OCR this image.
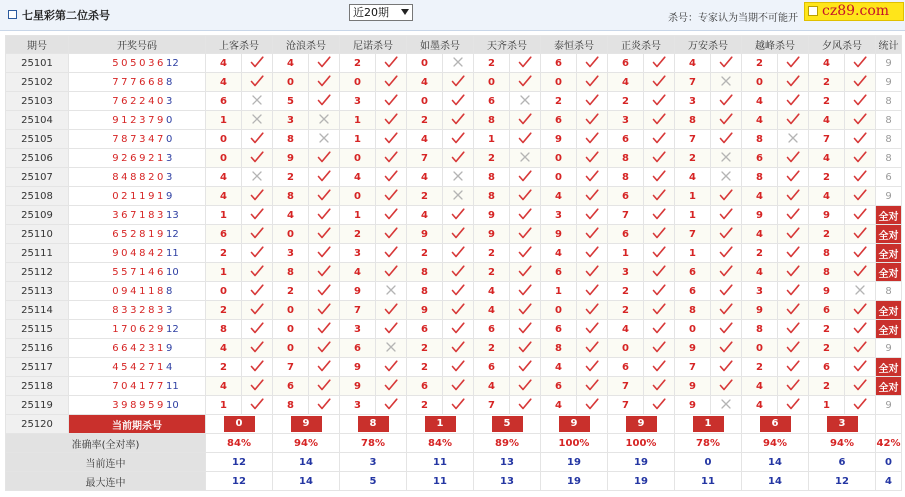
七星彩第二位杀号	近20期	杀号：专家认为当期不可能开	cz89.com
期号	开奖号码	上客杀号		沧浪杀号		尼诺杀号		如墨杀号		天齐杀号		泰恒杀号		正炎杀号		万安杀号		越峰杀号		夕风杀号		统计
25101	50503612	4		4		2		0		2		6		6		4		2		4		9
25102	7776688	4		0		0		4		0		0		4		7		0		2		9
25103	7622403	6		5		3		0		6		2		2		3		4		2		8
25104	9123790	1		3		1		2		8		6		3		8		4		4		8
25105	7873470	0		8		1		4		1		9		6		7		8		7		8
25106	9269213	0		9		0		7		2		0		8		2		6		4		8
25107	8488203	4		2		4		4		8		0		8		4		8		2		6
25108	0211919	4		8		0		2		8		4		6		1		4		4		9
25109	36718313	1		4		1		4		9		3		7		1		9		9		全对
25110	65281912	6		0		2		9		9		9		6		7		4		2		全对
25111	90484211	2		3		3		2		2		4		1		1		2		8		全对
25112	55714610	1		8		4		8		2		6		3		6		4		8		全对
25113	0941188	0		2		9		8		4		1		2		6		3		9		8
25114	8332833	2		0		7		9		4		0		2		8		9		6		全对
25115	17062912	8		0		3		6		6		6		4		0		8		2		全对
25116	6642319	4		0		6		2		2		8		0		9		0		2		9
25117	4542714	2		7		9		2		6		4		6		7		2		6		全对
25118	70417711	4		6		9		6		4		6		7		9		4		2		全对
25119	39895910	1		8		3		2		7		4		7		9		4		1		9
25120	当前期杀号	0		9		8		1		5		9		9		1		6		3		
准确率(全对率)		84%		94%		78%		84%		89%		100%		100%		78%		94%		94%		42%
当前连中		12		14		3		11		13		19		19		0		14		6		0
最大连中		12		14		5		11		13		19		19		11		14		12		4
